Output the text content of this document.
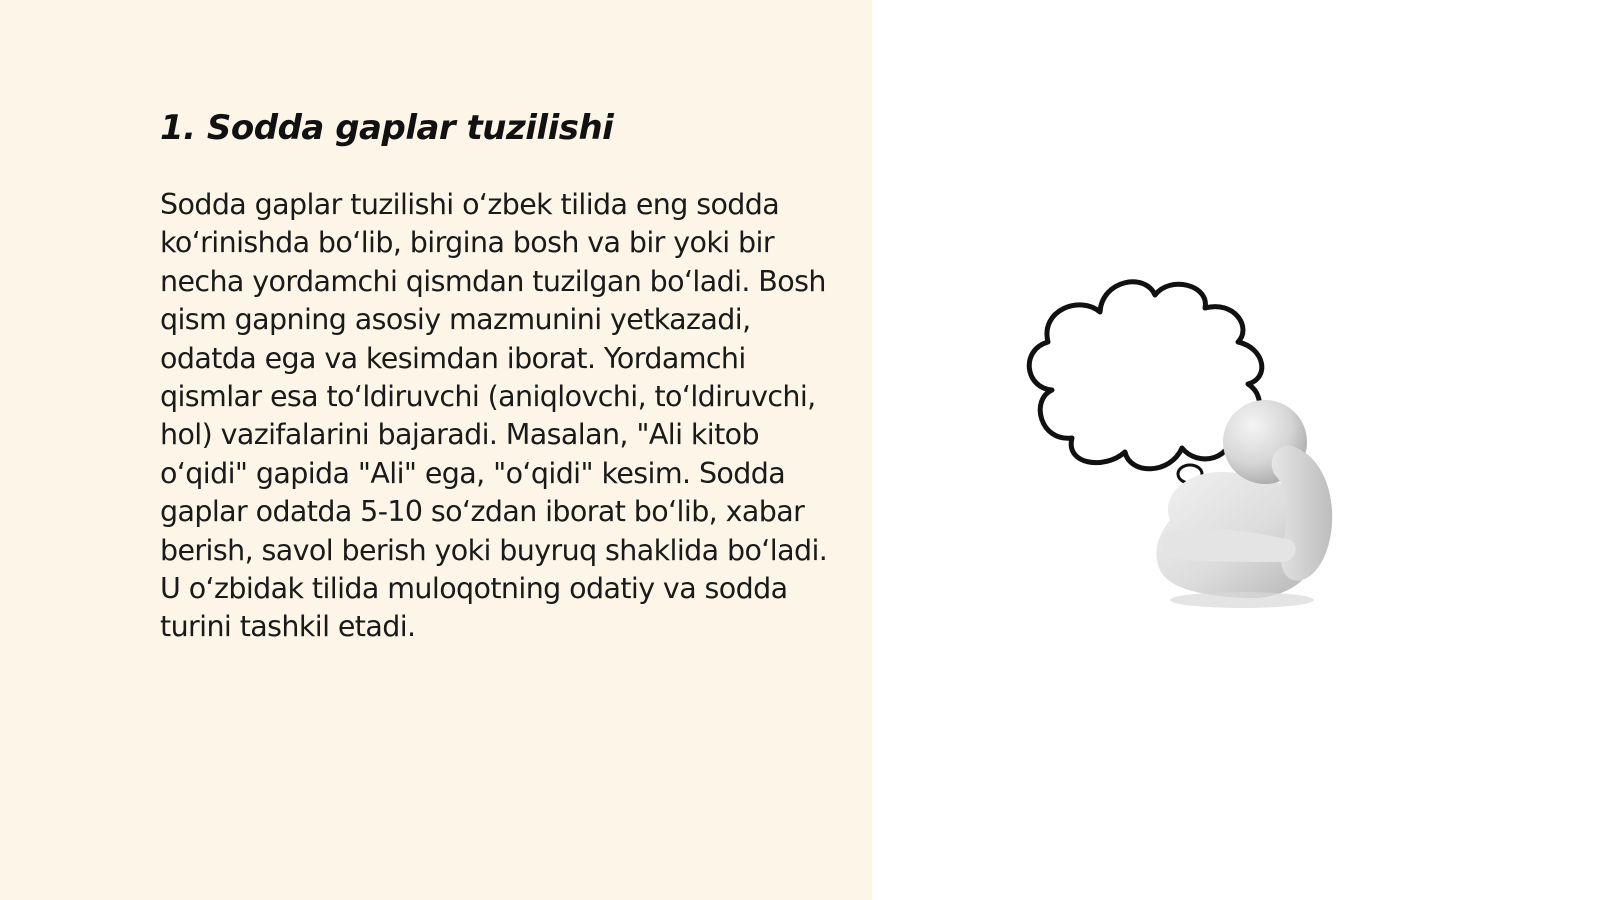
1. Sodda gaplar tuzilishi

Sodda gaplar tuzilishi o‘zbek tilida eng sodda ko‘rinishda bo‘lib, birgina bosh va bir yoki bir necha yordamchi qismdan tuzilgan bo‘ladi. Bosh qism gapning asosiy mazmunini yetkazadi, odatda ega va kesimdan iborat. Yordamchi qismlar esa to‘ldiruvchi (aniqlovchi, to‘ldiruvchi, hol) vazifalarini bajaradi. Masalan, "Ali kitob o‘qidi" gapida "Ali" ega, "o‘qidi" kesim. Sodda gaplar odatda 5-10 so‘zdan iborat bo‘lib, xabar berish, savol berish yoki buyruq shaklida bo‘ladi. U o‘zbidak tilida muloqotning odatiy va sodda turini tashkil etadi.
